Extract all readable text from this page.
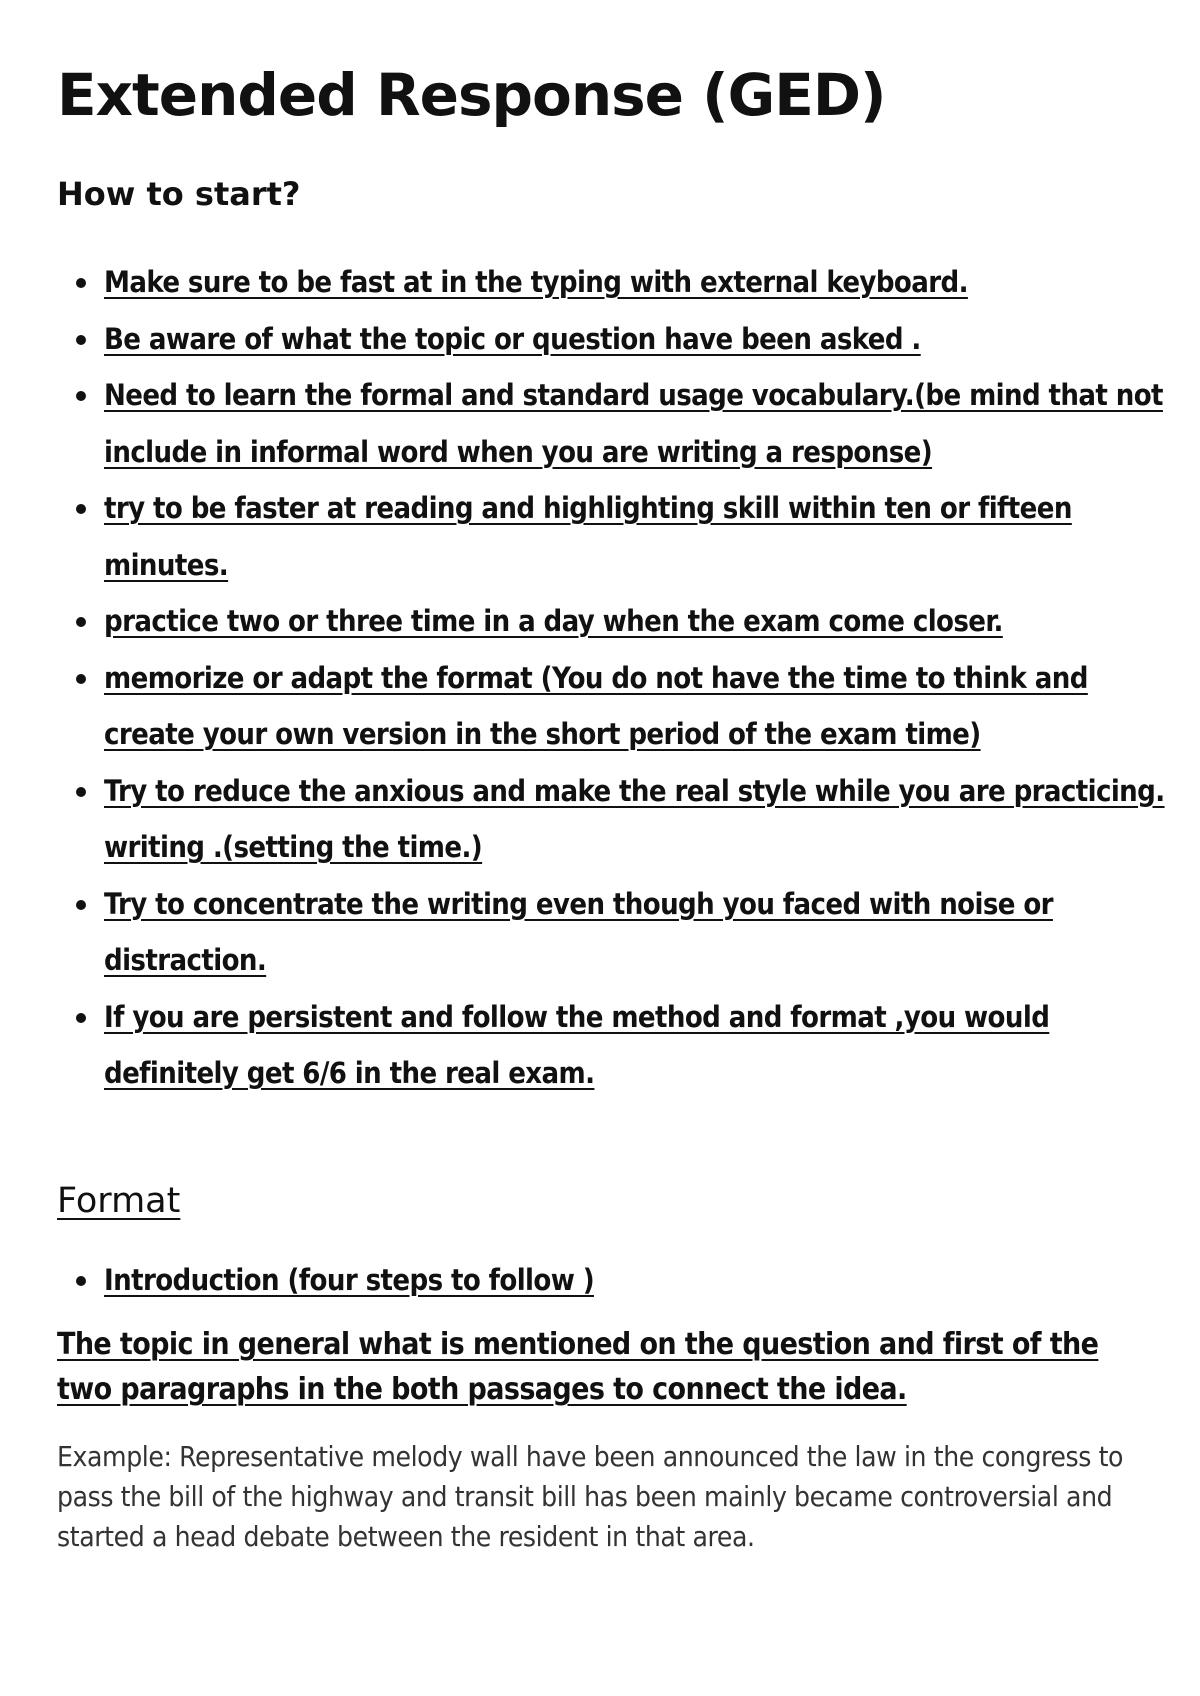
Extended Response (GED)
How to start?
Make sure to be fast at in the typing with external keyboard.
Be aware of what the topic or question have been asked .
Need to learn the formal and standard usage vocabulary.(be mind that not include in informal word when you are writing a response)
try to be faster at reading and highlighting skill within ten or fifteen minutes.
practice two or three time in a day when the exam come closer.
memorize or adapt the format (You do not have the time to think and create your own version in the short period of the exam time)
Try to reduce the anxious and make the real style while you are practicing. writing .(setting the time.)
Try to concentrate the writing even though you faced with noise or distraction.
If you are persistent and follow the method and format ,you would definitely get 6/6 in the real exam.
Format
Introduction (four steps to follow )

The topic in general what is mentioned on the question and first of the two paragraphs in the both passages to connect the idea.

Example: Representative melody wall have been announced the law in the congress to pass the bill of the highway and transit bill has been mainly became controversial and started a head debate between the resident in that area.
